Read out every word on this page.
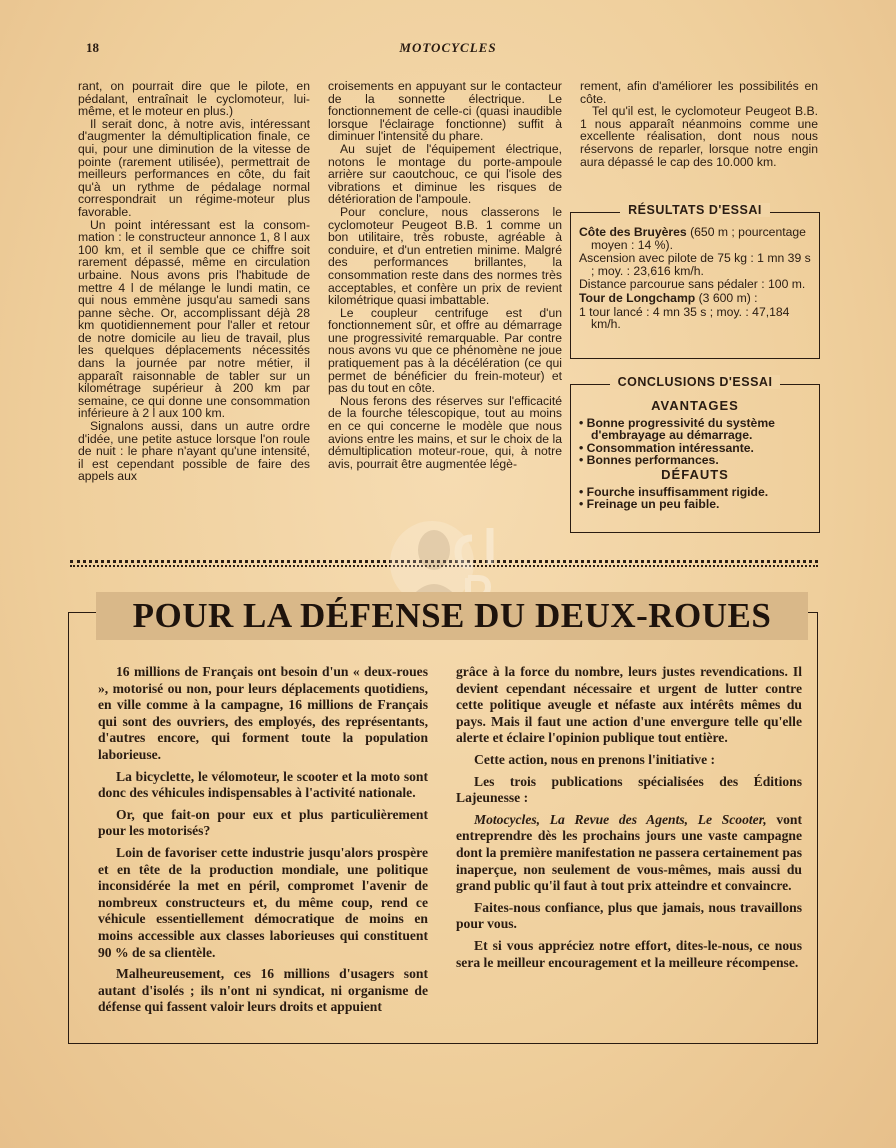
18	MOTOCYCLES

rant, on pourrait dire que le pilote, en pédalant, entraînait le cyclomoteur, lui-même, et le moteur en plus.)

Il serait donc, à notre avis, intéressant d'augmenter la démultiplication finale, ce qui, pour une diminution de la vitesse de pointe (rarement utilisée), permettrait de meilleurs performances en côte, du fait qu'à un rythme de pédalage normal correspondrait un régime-moteur plus favorable.

Un point intéressant est la consommation : le constructeur annonce 1, 8 l aux 100 km, et il semble que ce chiffre soit rarement dépassé, même en circulation urbaine. Nous avons pris l'habitude de mettre 4 l de mélange le lundi matin, ce qui nous emmène jusqu'au samedi sans panne sèche. Or, accomplissant déjà 28 km quotidiennement pour l'aller et retour de notre domicile au lieu de travail, plus les quelques déplacements nécessités dans la journée par notre métier, il apparaît raisonnable de tabler sur un kilométrage supérieur à 200 km par semaine, ce qui donne une consommation inférieure à 2 l aux 100 km.

Signalons aussi, dans un autre ordre d'idée, une petite astuce lorsque l'on roule de nuit : le phare n'ayant qu'une intensité, il est cependant possible de faire des appels aux

croisements en appuyant sur le contacteur de la sonnette électrique. Le fonctionnement de celle-ci (quasi inaudible lorsque l'éclairage fonctionne) suffit à diminuer l'intensité du phare.

Au sujet de l'équipement électrique, notons le montage du porte-ampoule arrière sur caoutchouc, ce qui l'isole des vibrations et diminue les risques de détérioration de l'ampoule.

Pour conclure, nous classerons le cyclomoteur Peugeot B.B. 1 comme un bon utilitaire, très robuste, agréable à conduire, et d'un entretien minime. Malgré des performances brillantes, la consommation reste dans des normes très acceptables, et confère un prix de revient kilométrique quasi imbattable.

Le coupleur centrifuge est d'un fonctionnement sûr, et offre au démarrage une progressivité remarquable. Par contre nous avons vu que ce phénomène ne joue pratiquement pas à la décélération (ce qui permet de bénéficier du frein-moteur) et pas du tout en côte.

Nous ferons des réserves sur l'efficacité de la fourche télescopique, tout au moins en ce qui concerne le modèle que nous avions entre les mains, et sur le choix de la démultiplication moteur-roue, qui, à notre avis, pourrait être augmentée légè-

rement, afin d'améliorer les possibilités en côte.

Tel qu'il est, le cyclomoteur Peugeot B.B. 1 nous apparaît néanmoins comme une excellente réalisation, dont nous nous réservons de reparler, lorsque notre engin aura dépassé le cap des 10.000 km.

RÉSULTATS D'ESSAI

Côte des Bruyères (650 m ; pourcentage moyen : 14 %).

Ascension avec pilote de 75 kg : 1 mn 39 s ; moy. : 23,616 km/h.

Distance parcourue sans pédaler : 100 m.

Tour de Longchamp (3 600 m) :

1 tour lancé : 4 mn 35 s ; moy. : 47,184 km/h.

CONCLUSIONS D'ESSAI
AVANTAGES
• Bonne progressivité du système d'embrayage au démarrage.
• Consommation intéressante.
• Bonnes performances.
DÉFAUTS
• Fourche insuffisamment rigide.
• Freinage un peu faible.
POUR LA DÉFENSE DU DEUX-ROUES

16 millions de Français ont besoin d'un « deux-roues », motorisé ou non, pour leurs déplacements quotidiens, en ville comme à la campagne, 16 millions de Français qui sont des ouvriers, des employés, des représentants, d'autres encore, qui forment toute la population laborieuse.

La bicyclette, le vélomoteur, le scooter et la moto sont donc des véhicules indispensables à l'activité nationale.

Or, que fait-on pour eux et plus particulièrement pour les motorisés?

Loin de favoriser cette industrie jusqu'alors prospère et en tête de la production mondiale, une politique inconsidérée la met en péril, compromet l'avenir de nombreux constructeurs et, du même coup, rend ce véhicule essentiellement démocratique de moins en moins accessible aux classes laborieuses qui constituent 90 % de sa clientèle.

Malheureusement, ces 16 millions d'usagers sont autant d'isolés ; ils n'ont ni syndicat, ni organisme de défense qui fassent valoir leurs droits et appuient

grâce à la force du nombre, leurs justes revendications. Il devient cependant nécessaire et urgent de lutter contre cette politique aveugle et néfaste aux intérêts mêmes du pays. Mais il faut une action d'une envergure telle qu'elle alerte et éclaire l'opinion publique tout entière.

Cette action, nous en prenons l'initiative :

Les trois publications spécialisées des Éditions Lajeunesse :

Motocycles, La Revue des Agents, Le Scooter, vont entreprendre dès les prochains jours une vaste campagne dont la première manifestation ne passera certainement pas inaperçue, non seulement de vous-mêmes, mais aussi du grand public qu'il faut à tout prix atteindre et convaincre.

Faites-nous confiance, plus que jamais, nous travaillons pour vous.

Et si vous appréciez notre effort, dites-le-nous, ce nous sera le meilleur encouragement et la meilleure récompense.
